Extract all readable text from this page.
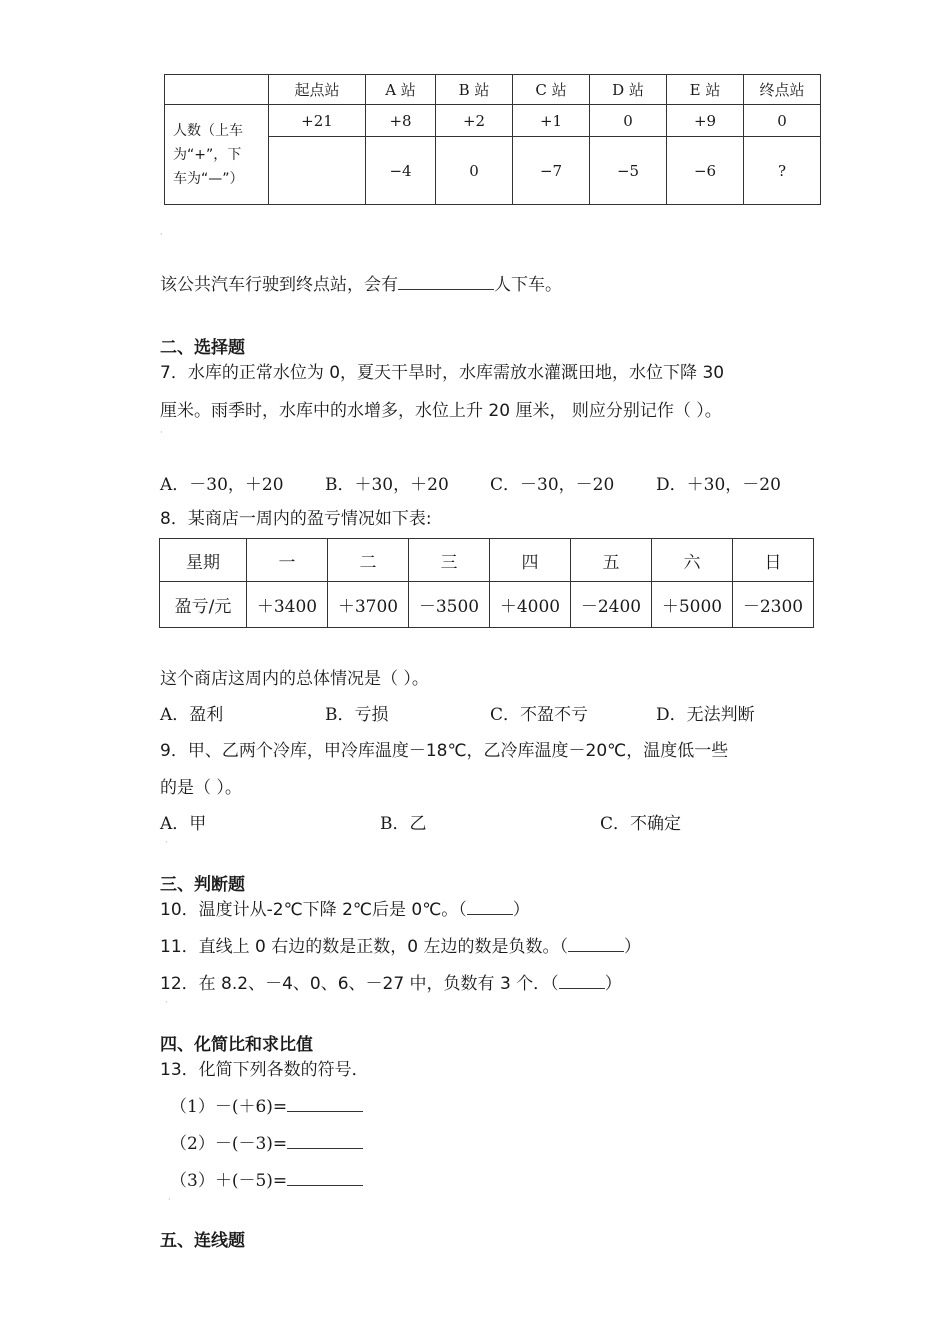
	起点站	A 站	B 站	C 站	D 站	E 站	终点站

人数（上车
为“+”，下
车为“—”）	+21	+8	+2	+1	0	+9	0
		−4	0	−7	−5	−6	?
·
该公共汽车行驶到终点站，会有	人下车。
二、选择题
7．水库的正常水位为 0，夏天干旱时，水库需放水灌溉田地，水位下降 30
厘米。雨季时，水库中的水增多，水位上升 20 厘米， 则应分别记作（ ）。
·
A．－30，＋20 B．＋30，＋20 C．－30，－20 D．＋30，－20
8．某商店一周内的盈亏情况如下表:
星期	一	二	三	四	五	六	日
盈亏/元	＋3400	＋3700	－3500	＋4000	－2400	＋5000	－2300
这个商店这周内的总体情况是（ ）。
A．盈利	B．亏损	C．不盈不亏	D．无法判断
9．甲、乙两个冷库，甲冷库温度－18℃，乙冷库温度－20℃，温度低一些
的是（ ）。
A．甲	B．乙	C．不确定
·
三、判断题
10．温度计从-2℃下降 2℃后是 0℃。（	）
11．直线上 0 右边的数是正数，0 左边的数是负数。（	）
12．在 8.2、－4、0、6、－27 中，负数有 3 个．（	）
·
四、化简比和求比值
13．化简下列各数的符号．
（1）－(＋6)=
（2）－(－3)=
（3）＋(－5)=
·
五、连线题
